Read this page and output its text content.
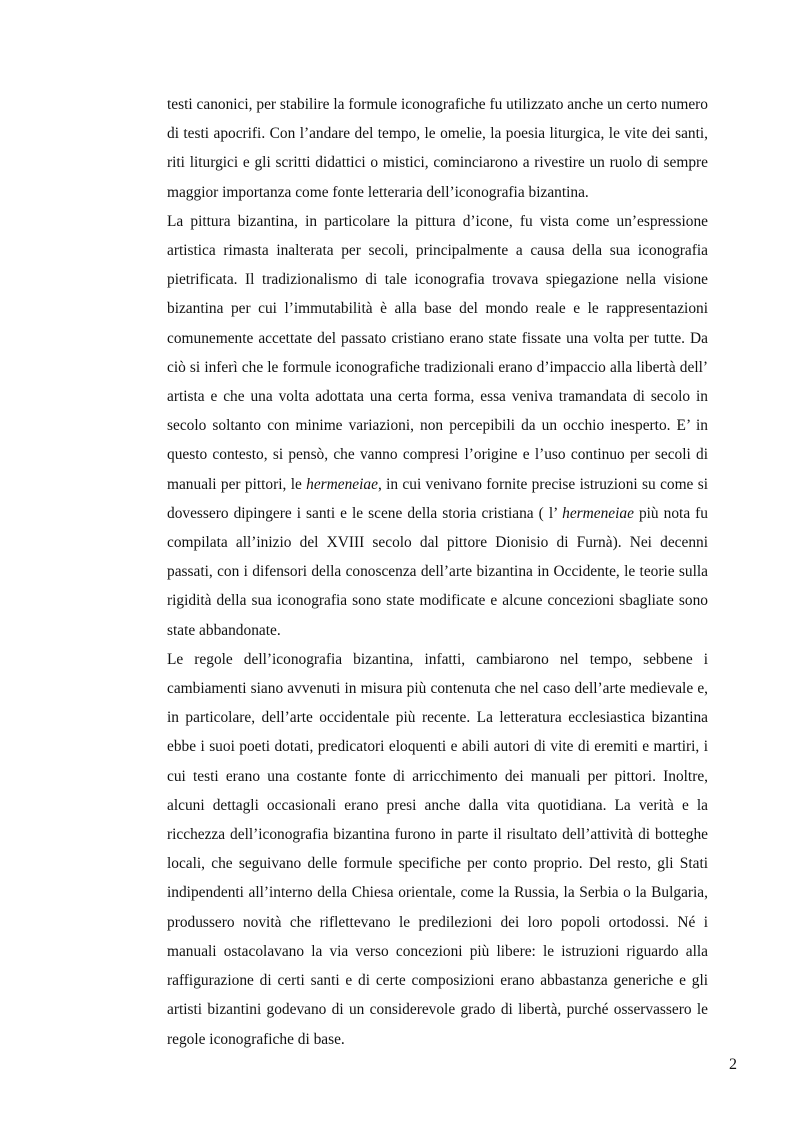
testi canonici, per stabilire la formule iconografiche fu utilizzato anche un certo numero di testi apocrifi. Con l’andare del tempo, le omelie, la poesia liturgica, le vite dei santi, riti liturgici e gli scritti didattici o mistici, cominciarono a rivestire un ruolo di sempre maggior importanza come fonte letteraria dell’iconografia bizantina.

La pittura bizantina, in particolare la pittura d’icone, fu vista come un’espressione artistica rimasta inalterata per secoli, principalmente a causa della sua iconografia pietrificata. Il tradizionalismo di tale iconografia trovava spiegazione nella visione bizantina per cui l’immutabilità è alla base del mondo reale e le rappresentazioni comunemente accettate del passato cristiano erano state fissate una volta per tutte. Da ciò si inferì che le formule iconografiche tradizionali erano d’impaccio alla libertà dell’ artista e che una volta adottata una certa forma, essa veniva tramandata di secolo in secolo soltanto con minime variazioni, non percepibili da un occhio inesperto. E’ in questo contesto, si pensò, che vanno compresi l’origine e l’uso continuo per secoli di manuali per pittori, le hermeneiae, in cui venivano fornite precise istruzioni su come si dovessero dipingere i santi e le scene della storia cristiana ( l’ hermeneiae più nota fu compilata all’inizio del XVIII secolo dal pittore Dionisio di Furnà). Nei decenni passati, con i difensori della conoscenza dell’arte bizantina in Occidente, le teorie sulla rigidità della sua iconografia sono state modificate e alcune concezioni sbagliate sono state abbandonate.

Le regole dell’iconografia bizantina, infatti, cambiarono nel tempo, sebbene i cambiamenti siano avvenuti in misura più contenuta che nel caso dell’arte medievale e, in particolare, dell’arte occidentale più recente. La letteratura ecclesiastica bizantina ebbe i suoi poeti dotati, predicatori eloquenti e abili autori di vite di eremiti e martiri, i cui testi erano una costante fonte di arricchimento dei manuali per pittori. Inoltre, alcuni dettagli occasionali erano presi anche dalla vita quotidiana. La verità e la ricchezza dell’iconografia bizantina furono in parte il risultato dell’attività di botteghe locali, che seguivano delle formule specifiche per conto proprio. Del resto, gli Stati indipendenti all’interno della Chiesa orientale, come la Russia, la Serbia o la Bulgaria, produssero novità che riflettevano le predilezioni dei loro popoli ortodossi. Né i manuali ostacolavano la via verso concezioni più libere: le istruzioni riguardo alla raffigurazione di certi santi e di certe composizioni erano abbastanza generiche e gli artisti bizantini godevano di un considerevole grado di libertà, purché osservassero le regole iconografiche di base.

2
